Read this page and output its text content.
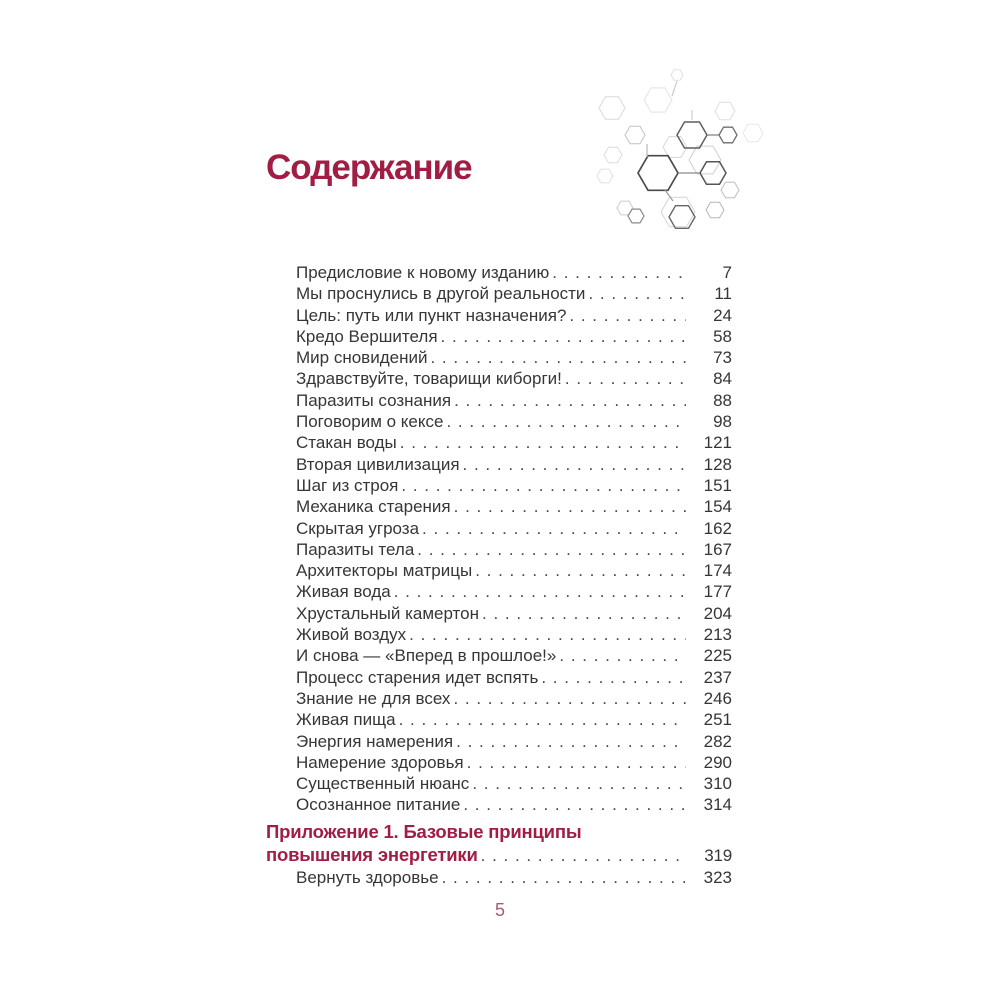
Содержание
Предисловие к новому изданию . . .	7
Мы проснулись в другой реальности . . .	11
Цель: путь или пункт назначения? . . .	24
Кредо Вершителя . . .	58
Мир сновидений . . .	73
Здравствуйте, товарищи киборги! . . .	84
Паразиты сознания . . .	88
Поговорим о кексе . . .	98
Стакан воды . . .	121
Вторая цивилизация . . .	128
Шаг из строя . . .	151
Механика старения . . .	154
Скрытая угроза . . .	162
Паразиты тела . . .	167
Архитекторы матрицы . . .	174
Живая вода . . .	177
Хрустальный камертон . . .	204
Живой воздух . . .	213
И снова — «Вперед в прошлое!» . . .	225
Процесс старения идет вспять . . .	237
Знание не для всех . . .	246
Живая пища . . .	251
Энергия намерения . . .	282
Намерение здоровья . . .	290
Существенный нюанс . . .	310
Осознанное питание . . .	314
Приложение 1. Базовые принципы
повышения энергетики . . .	319
Вернуть здоровье . . .	323
5
